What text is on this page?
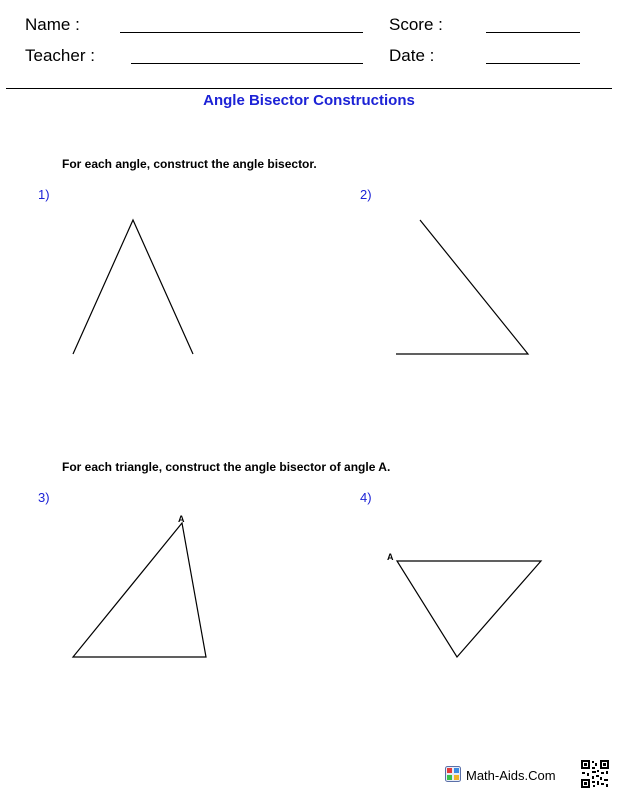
Name :	Score :
Teacher :	Date :
Angle Bisector Constructions
For each angle, construct the angle bisector.
1)	2)
For each triangle, construct the angle bisector of angle A.
3)	4)
A
A
Math-Aids.Com
